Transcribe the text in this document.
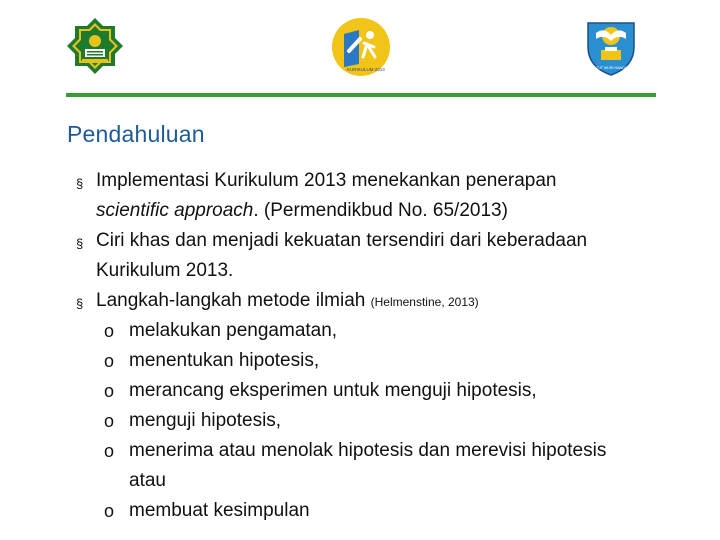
KURIKULUM 2013	TUT WURI HANDAYANI
Pendahuluan
§ Implementasi Kurikulum 2013 menekankan penerapan
scientific approach. (Permendikbud No. 65/2013)
§ Ciri khas dan menjadi kekuatan tersendiri dari keberadaan
Kurikulum 2013.
§ Langkah-langkah metode ilmiah (Helmenstine, 2013)
o melakukan pengamatan,
o menentukan hipotesis,
o merancang eksperimen untuk menguji hipotesis,
o menguji hipotesis,
o menerima atau menolak hipotesis dan merevisi hipotesis
atau
o membuat kesimpulan
